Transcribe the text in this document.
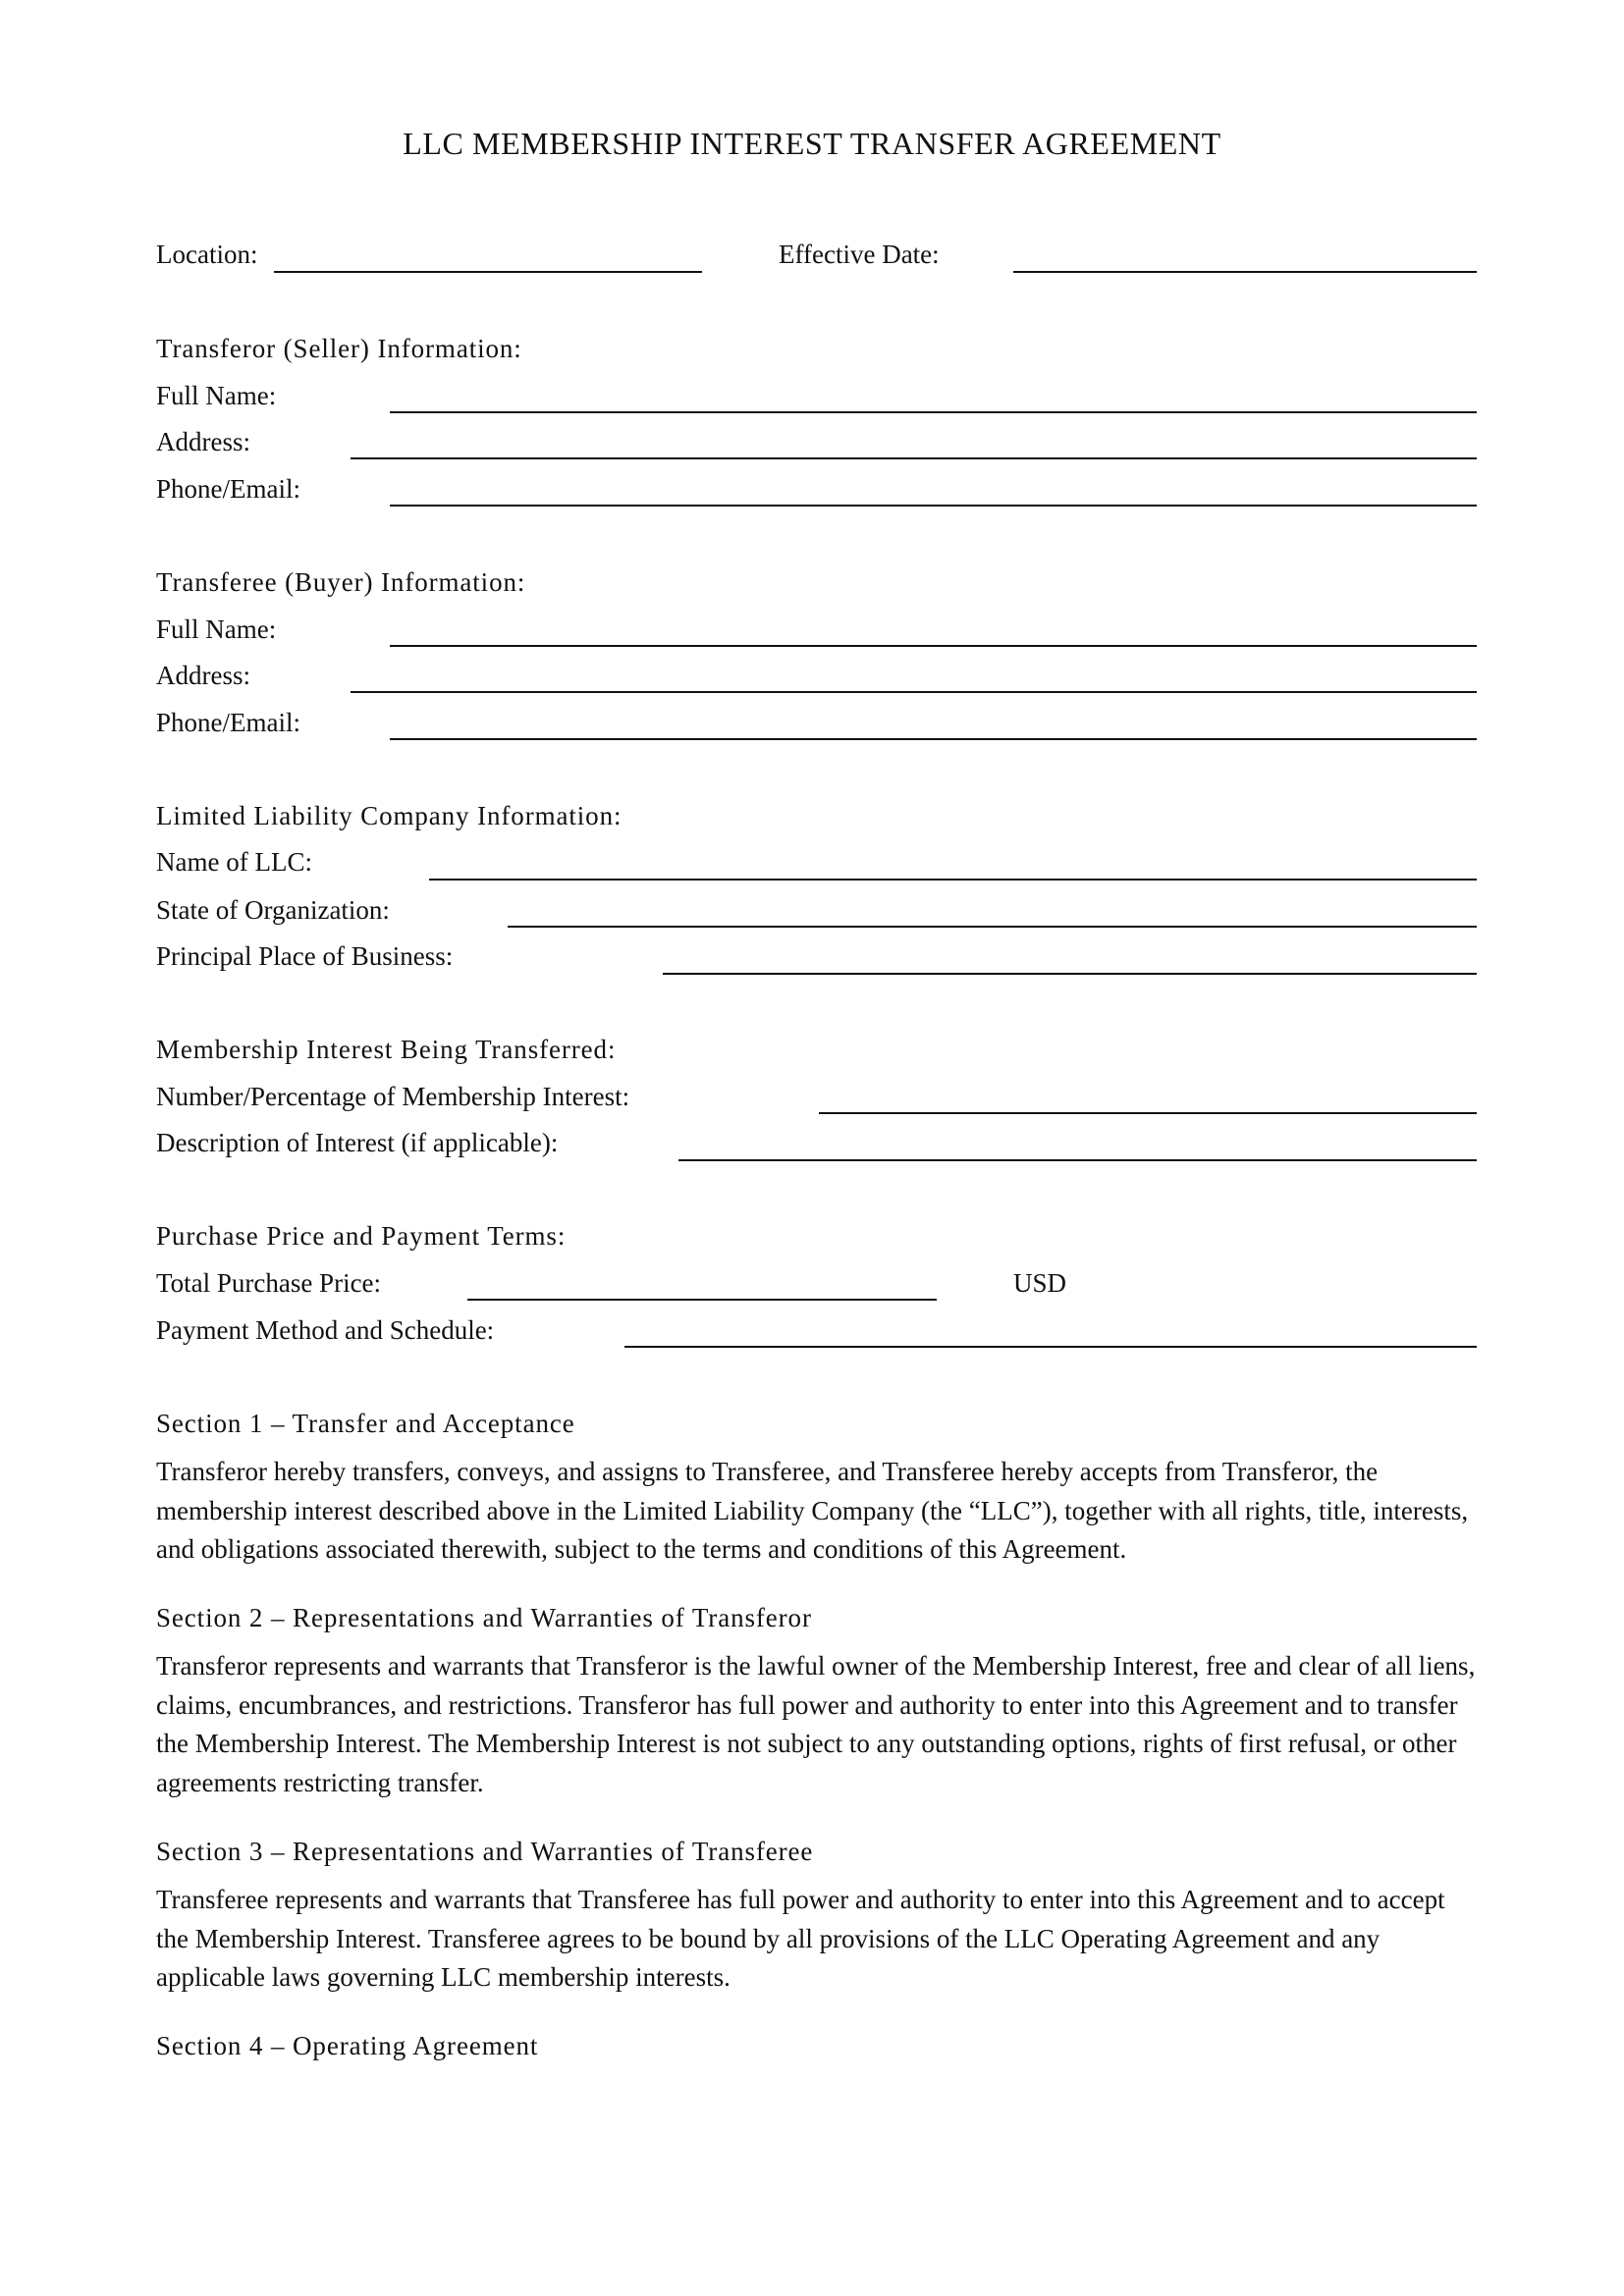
LLC MEMBERSHIP INTEREST TRANSFER AGREEMENT
Location:	Effective Date:
Transferor (Seller) Information:
Full Name:
Address:
Phone/Email:
Transferee (Buyer) Information:
Full Name:
Address:
Phone/Email:
Limited Liability Company Information:
Name of LLC:
State of Organization:
Principal Place of Business:
Membership Interest Being Transferred:
Number/Percentage of Membership Interest:
Description of Interest (if applicable):
Purchase Price and Payment Terms:
Total Purchase Price:	USD
Payment Method and Schedule:
Section 1 – Transfer and Acceptance
Transferor hereby transfers, conveys, and assigns to Transferee, and Transferee hereby accepts from Transferor, the membership interest described above in the Limited Liability Company (the “LLC”), together with all rights, title, interests, and obligations associated therewith, subject to the terms and conditions of this Agreement.
Section 2 – Representations and Warranties of Transferor
Transferor represents and warrants that Transferor is the lawful owner of the Membership Interest, free and clear of all liens, claims, encumbrances, and restrictions. Transferor has full power and authority to enter into this Agreement and to transfer the Membership Interest. The Membership Interest is not subject to any outstanding options, rights of first refusal, or other agreements restricting transfer.
Section 3 – Representations and Warranties of Transferee
Transferee represents and warrants that Transferee has full power and authority to enter into this Agreement and to accept the Membership Interest. Transferee agrees to be bound by all provisions of the LLC Operating Agreement and any applicable laws governing LLC membership interests.
Section 4 – Operating Agreement
